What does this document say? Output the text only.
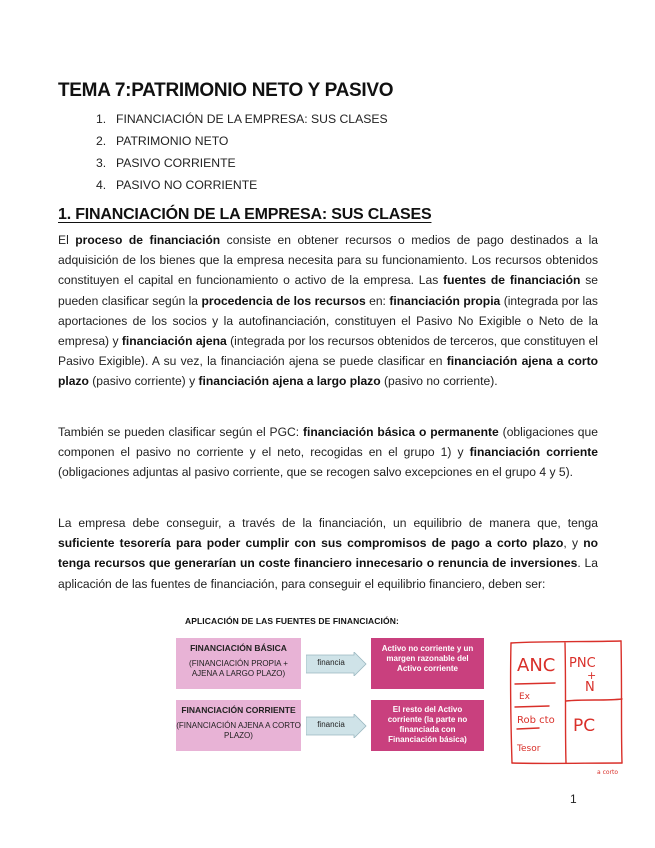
TEMA 7:PATRIMONIO NETO Y PASIVO
1. FINANCIACIÓN DE LA EMPRESA: SUS CLASES
2. PATRIMONIO NETO
3. PASIVO CORRIENTE
4. PASIVO NO CORRIENTE
1. FINANCIACIÓN DE LA EMPRESA: SUS CLASES

El proceso de financiación consiste en obtener recursos o medios de pago destinados a la adquisición de los bienes que la empresa necesita para su funcionamiento. Los recursos obtenidos constituyen el capital en funcionamiento o activo de la empresa. Las fuentes de financiación se pueden clasificar según la procedencia de los recursos en: financiación propia (integrada por las aportaciones de los socios y la autofinanciación, constituyen el Pasivo No Exigible o Neto de la empresa) y financiación ajena (integrada por los recursos obtenidos de terceros, que constituyen el Pasivo Exigible). A su vez, la financiación ajena se puede clasificar en financiación ajena a corto plazo (pasivo corriente) y financiación ajena a largo plazo (pasivo no corriente).

También se pueden clasificar según el PGC: financiación básica o permanente (obligaciones que componen el pasivo no corriente y el neto, recogidas en el grupo 1) y financiación corriente (obligaciones adjuntas al pasivo corriente, que se recogen salvo excepciones en el grupo 4 y 5).

La empresa debe conseguir, a través de la financiación, un equilibrio de manera que, tenga suficiente tesorería para poder cumplir con sus compromisos de pago a corto plazo, y no tenga recursos que generarían un coste financiero innecesario o renuncia de inversiones. La aplicación de las fuentes de financiación, para conseguir el equilibrio financiero, deben ser:

APLICACIÓN DE LAS FUENTES DE FINANCIACIÓN:
FINANCIACIÓN BÁSICA
(FINANCIACIÓN PROPIA + AJENA A LARGO PLAZO)
financia
Activo no corriente y un margen razonable del Activo corriente
FINANCIACIÓN CORRIENTE
(FINANCIACIÓN AJENA A CORTO PLAZO)
financia
El resto del Activo corriente (la parte no financiada con Financiación básica)
ANC PNC
+
N
Ex
Rob cto
Tesor
PC
a corto
1
